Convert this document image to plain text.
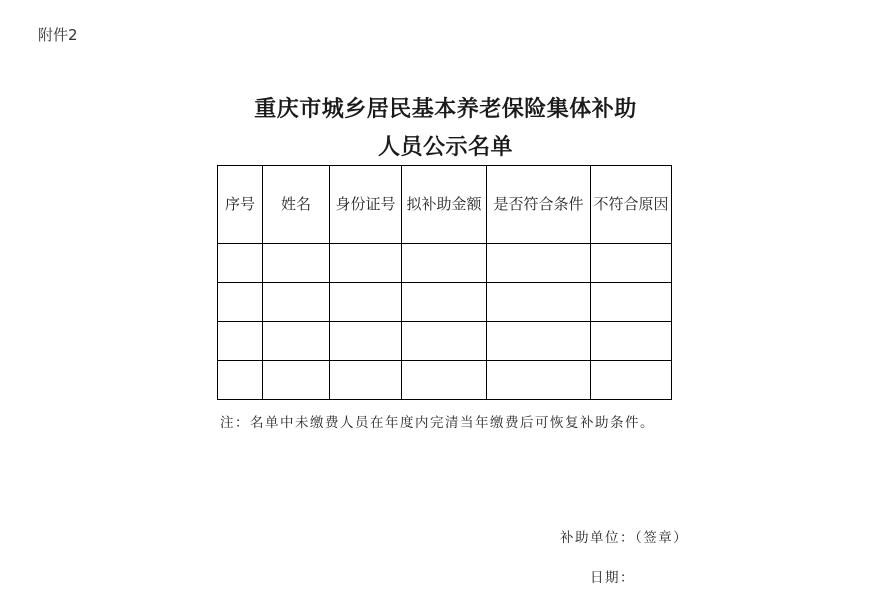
附件2
重庆市城乡居民基本养老保险集体补助
人员公示名单
序号	姓名	身份证号	拟补助金额	是否符合条件	不符合原因

注：名单中未缴费人员在年度内完清当年缴费后可恢复补助条件。
补助单位：（签章）
日期：
